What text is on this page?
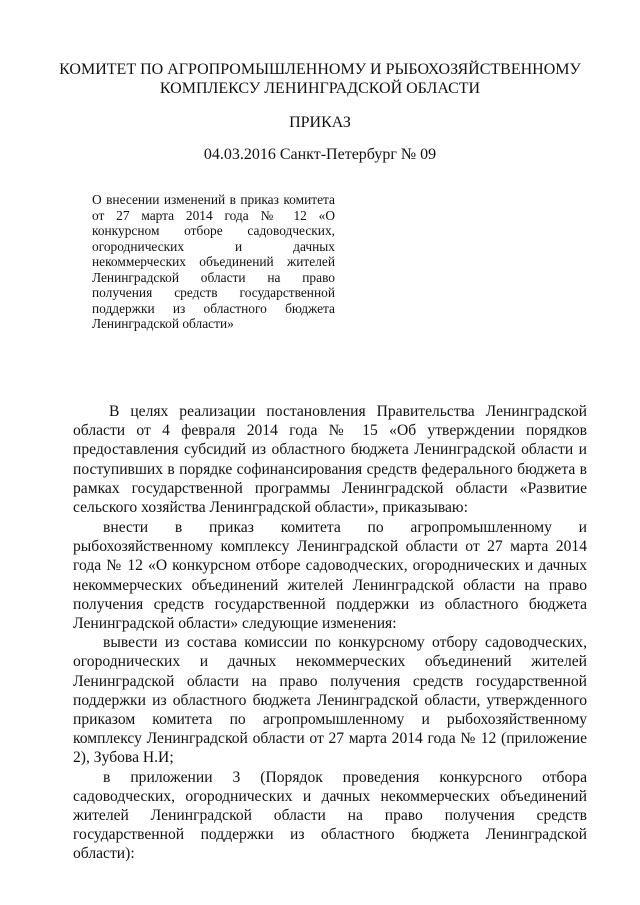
КОМИТЕТ ПО АГРОПРОМЫШЛЕННОМУ И РЫБОХОЗЯЙСТВЕННОМУ
КОМПЛЕКСУ ЛЕНИНГРАДСКОЙ ОБЛАСТИ
ПРИКАЗ
04.03.2016 Санкт-Петербург № 09
О внесении изменений в приказ комитета от 27 марта 2014 года № 12 «О конкурсном отборе садоводческих, огороднических и дачных некоммерческих объединений жителей Ленинградской области на право получения средств государственной поддержки из областного бюджета Ленинградской области»

В целях реализации постановления Правительства Ленинградской области от 4 февраля 2014 года № 15 «Об утверждении порядков предоставления субсидий из областного бюджета Ленинградской области и поступивших в порядке софинансирования средств федерального бюджета в рамках государственной программы Ленинградской области «Развитие сельского хозяйства Ленинградской области», приказываю:

внести в приказ комитета по агропромышленному и рыбохозяйственному комплексу Ленинградской области от 27 марта 2014 года № 12 «О конкурсном отборе садоводческих, огороднических и дачных некоммерческих объединений жителей Ленинградской области на право получения средств государственной поддержки из областного бюджета Ленинградской области» следующие изменения:

вывести из состава комиссии по конкурсному отбору садоводческих, огороднических и дачных некоммерческих объединений жителей Ленинградской области на право получения средств государственной поддержки из областного бюджета Ленинградской области, утвержденного приказом комитета по агропромышленному и рыбохозяйственному комплексу Ленинградской области от 27 марта 2014 года № 12 (приложение 2), Зубова Н.И;

в приложении 3 (Порядок проведения конкурсного отбора садоводческих, огороднических и дачных некоммерческих объединений жителей Ленинградской области на право получения средств государственной поддержки из областного бюджета Ленинградской области):
